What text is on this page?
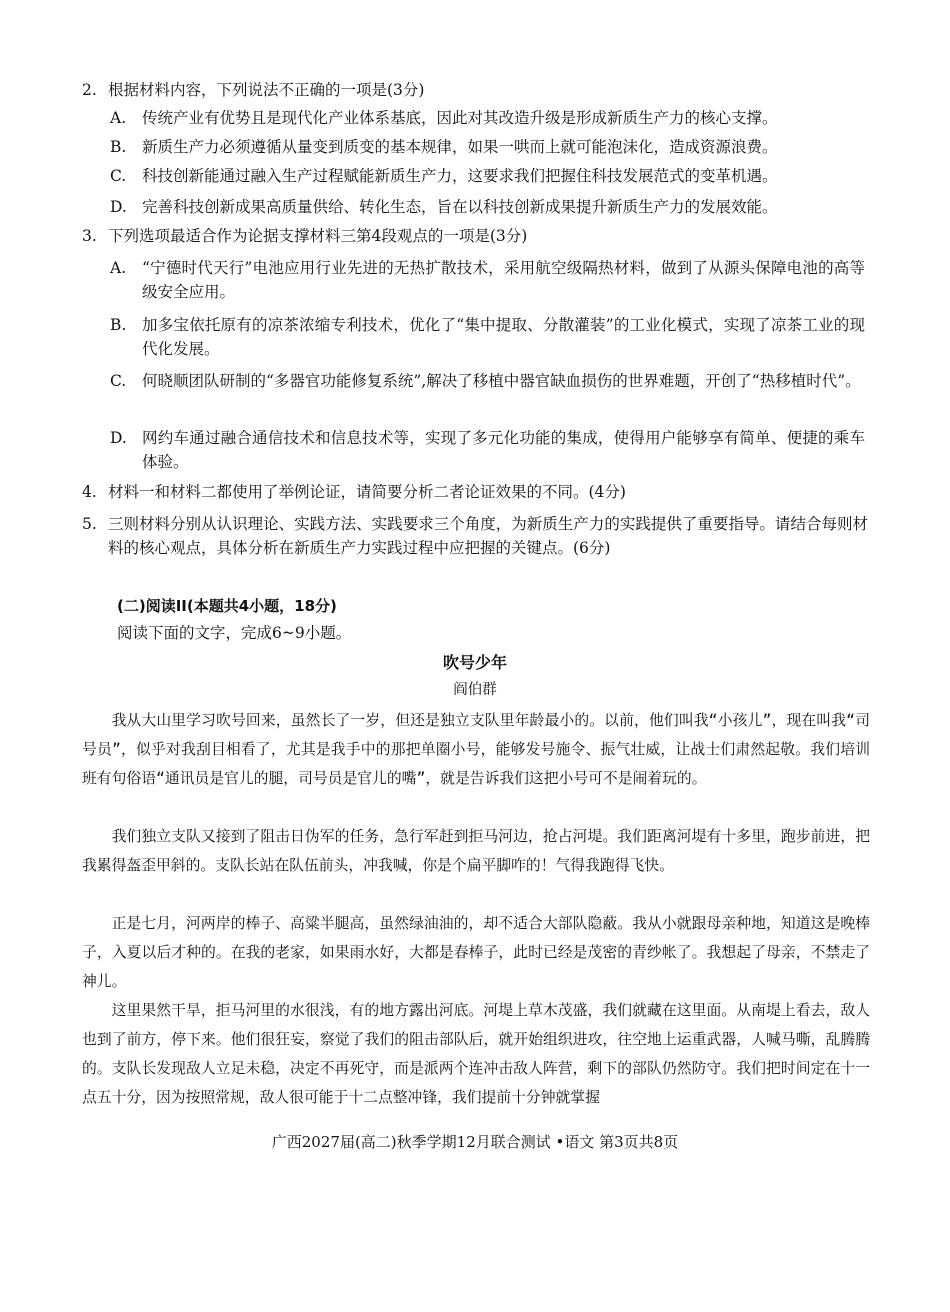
2. 根据材料内容，下列说法不正确的一项是(3分)
A.	传统产业有优势且是现代化产业体系基底，因此对其改造升级是形成新质生产力的核心支撑。
B.	新质生产力必须遵循从量变到质变的基本规律，如果一哄而上就可能泡沫化，造成资源浪费。
C.	科技创新能通过融入生产过程赋能新质生产力，这要求我们把握住科技发展范式的变革机遇。
D. 完善科技创新成果高质量供给、转化生态，旨在以科技创新成果提升新质生产力的发展效能。
3. 下列选项最适合作为论据支撑材料三第4段观点的一项是(3分)
A.	“宁德时代天行”电池应用行业先进的无热扩散技术，采用航空级隔热材料，做到了从源头保障电池的高等级安全应用。
B.	加多宝依托原有的凉茶浓缩专利技术，优化了“集中提取、分散灌装”的工业化模式，实现了凉茶工业的现代化发展。
C.	何晓顺团队研制的“多器官功能修复系统”,解决了移植中器官缺血损伤的世界难题，开创了“热移植时代”。
D. 网约车通过融合通信技术和信息技术等，实现了多元化功能的集成，使得用户能够享有简单、便捷的乘车体验。
4. 材料一和材料二都使用了举例论证，请简要分析二者论证效果的不同。(4分)
5. 三则材料分别从认识理论、实践方法、实践要求三个角度，为新质生产力的实践提供了重要指导。请结合每则材料的核心观点，具体分析在新质生产力实践过程中应把握的关键点。(6分)
(二)阅读II(本题共4小题，18分)
阅读下面的文字，完成6~9小题。
吹号少年
阎伯群

我从大山里学习吹号回来，虽然长了一岁，但还是独立支队里年龄最小的。以前，他们叫我“小孩儿”，现在叫我“司号员”，似乎对我刮目相看了，尤其是我手中的那把单圈小号，能够发号施令、振气壮威，让战士们肃然起敬。我们培训班有句俗语“通讯员是官儿的腿，司号员是官儿的嘴”，就是告诉我们这把小号可不是闹着玩的。

我们独立支队又接到了阻击日伪军的任务，急行军赶到拒马河边，抢占河堤。我们距离河堤有十多里，跑步前进，把我累得盔歪甲斜的。支队长站在队伍前头，冲我喊，你是个扁平脚咋的！气得我跑得飞快。

正是七月，河两岸的棒子、高粱半腿高，虽然绿油油的，却不适合大部队隐蔽。我从小就跟母亲种地，知道这是晚棒子，入夏以后才种的。在我的老家，如果雨水好，大都是春棒子，此时已经是茂密的青纱帐了。我想起了母亲，不禁走了神儿。

这里果然干旱，拒马河里的水很浅，有的地方露出河底。河堤上草木茂盛，我们就藏在这里面。从南堤上看去，敌人也到了前方，停下来。他们很狂妄，察觉了我们的阻击部队后，就开始组织进攻，往空地上运重武器，人喊马嘶，乱腾腾的。 支队长发现敌人立足未稳，决定不再死守，而是派两个连冲击敌人阵营，剩下的部队仍然防守。我们把时间定在十一点五十分，因为按照常规，敌人很可能于十二点整冲锋，我们提前十分钟就掌握

广西2027届(高二)秋季学期12月联合测试 •语文 第3页共8页
